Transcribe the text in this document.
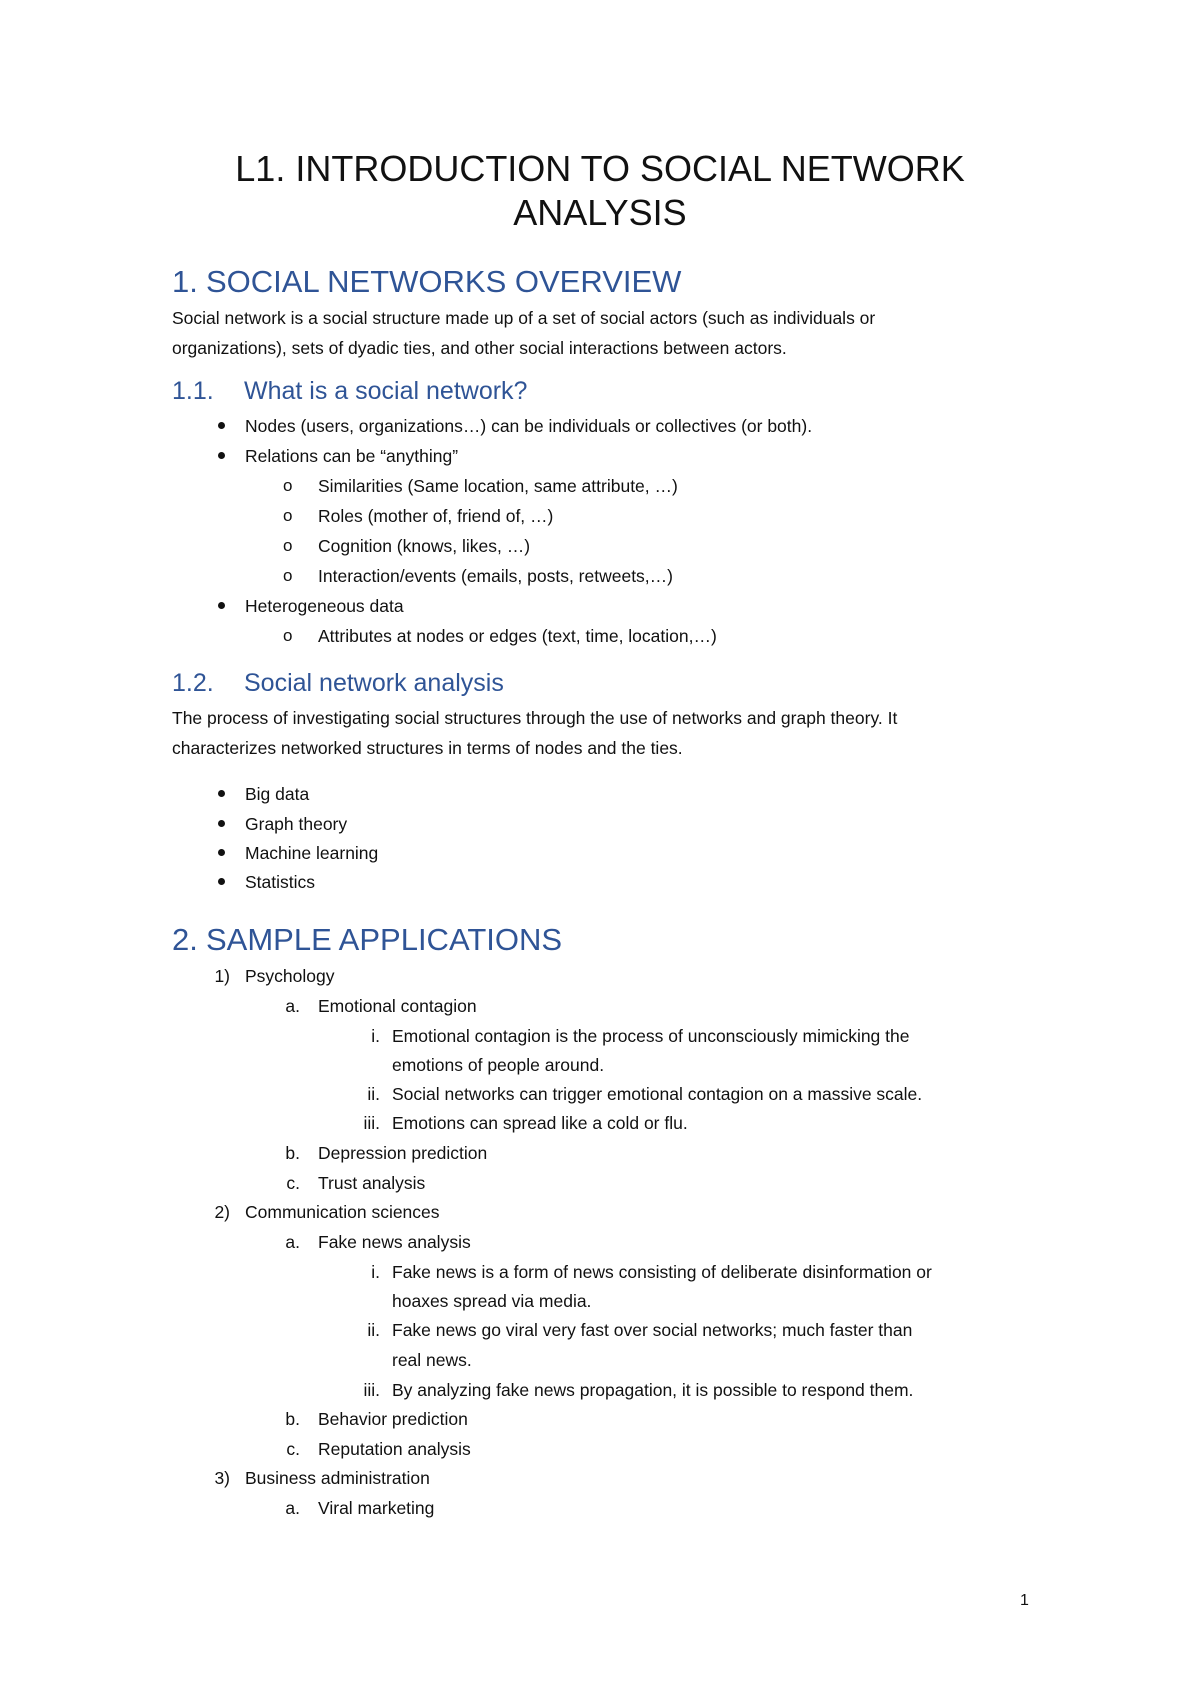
L1. INTRODUCTION TO SOCIAL NETWORK
ANALYSIS
1. SOCIAL NETWORKS OVERVIEW
Social network is a social structure made up of a set of social actors (such as individuals or
organizations), sets of dyadic ties, and other social interactions between actors.
1.1. What is a social network?
Nodes (users, organizations…) can be individuals or collectives (or both).
Relations can be “anything”
o Similarities (Same location, same attribute, …)
o Roles (mother of, friend of, …)
o Cognition (knows, likes, …)
o Interaction/events (emails, posts, retweets,…)
Heterogeneous data
o Attributes at nodes or edges (text, time, location,…)
1.2. Social network analysis
The process of investigating social structures through the use of networks and graph theory. It
characterizes networked structures in terms of nodes and the ties.
Big data
Graph theory
Machine learning
Statistics
2. SAMPLE APPLICATIONS
1) Psychology
a. Emotional contagion
i. Emotional contagion is the process of unconsciously mimicking the
emotions of people around.
ii. Social networks can trigger emotional contagion on a massive scale.
iii. Emotions can spread like a cold or flu.
b. Depression prediction
c. Trust analysis
2) Communication sciences
a. Fake news analysis
i. Fake news is a form of news consisting of deliberate disinformation or
hoaxes spread via media.
ii. Fake news go viral very fast over social networks; much faster than
real news.
iii. By analyzing fake news propagation, it is possible to respond them.
b. Behavior prediction
c. Reputation analysis
3) Business administration
a. Viral marketing
1
